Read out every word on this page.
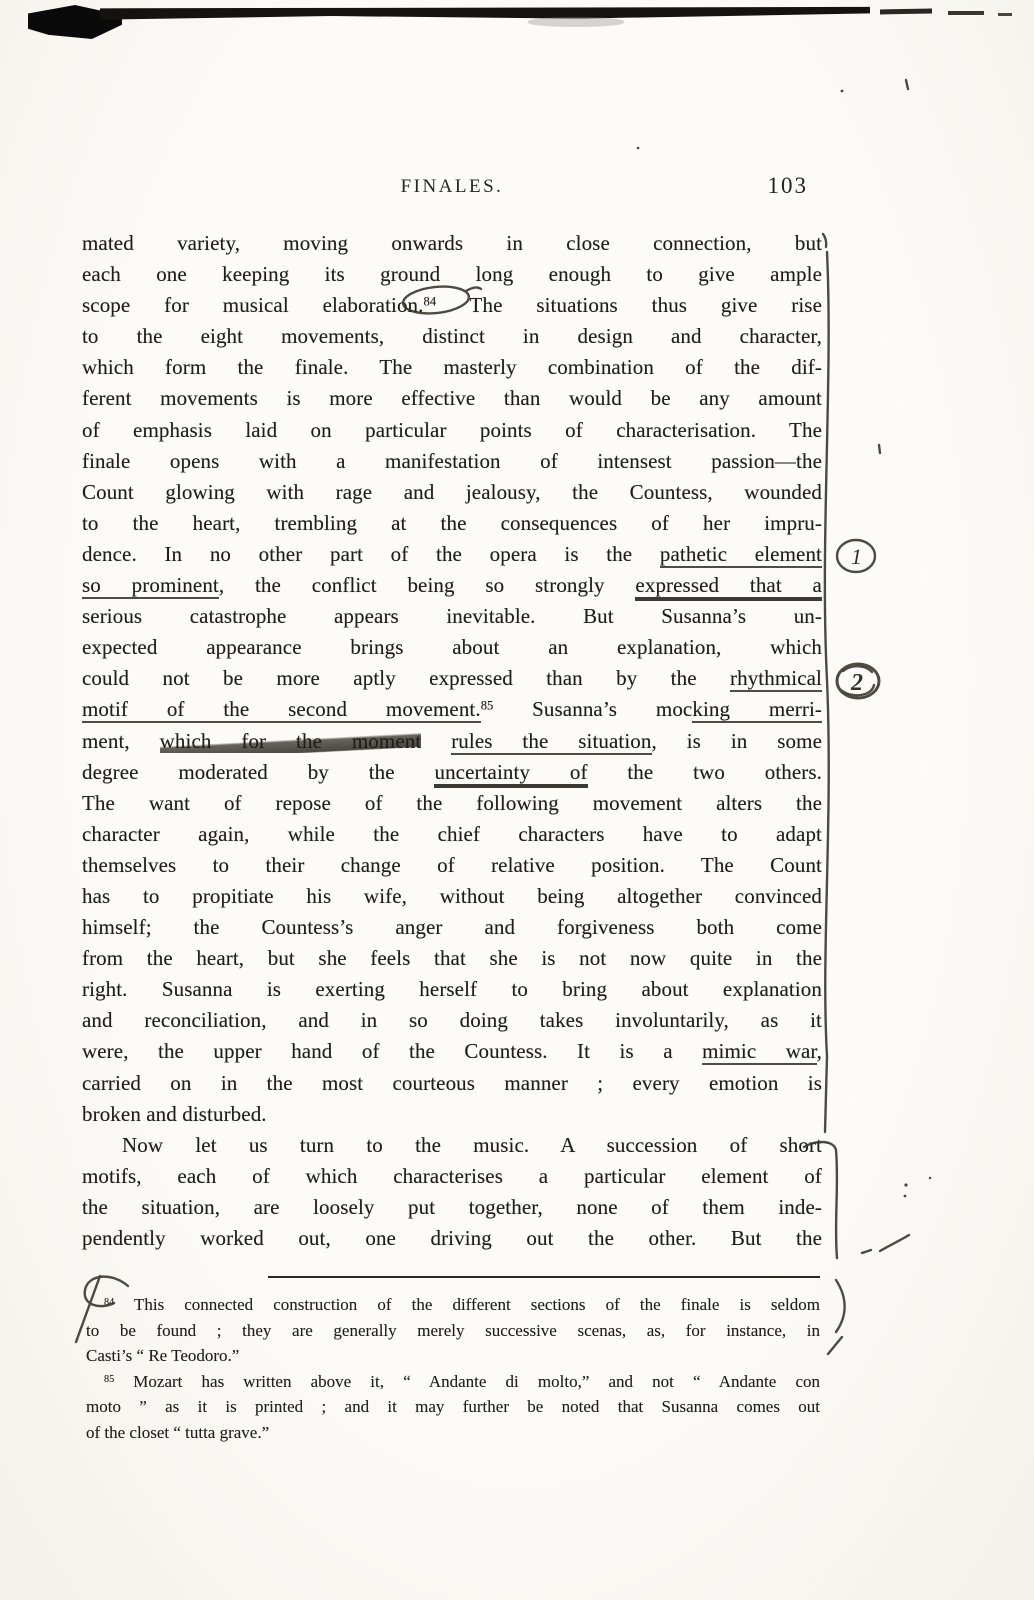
FINALES.	103
mated variety, moving onwards in close connection, but
each one keeping its ground long enough to give ample
scope for musical elaboration.$^{84}$ The situations thus give rise
to the eight movements, distinct in design and character,
which form the finale. The masterly combination of the dif-
ferent movements is more effective than would be any amount
of emphasis laid on particular points of characterisation. The
finale opens with a manifestation of intensest passion—the
Count glowing with rage and jealousy, the Countess, wounded
to the heart, trembling at the consequences of her impru-
dence. In no other part of the opera is the pathetic element
so prominent, the conflict being so strongly expressed that a
serious catastrophe appears inevitable. But Susanna’s un-
expected appearance brings about an explanation, which
could not be more aptly expressed than by the rhythmical
motif of the second movement.$^{85}$ Susanna’s mocking merri-
ment, which for the moment rules the situation, is in some
degree moderated by the uncertainty of the two others.
The want of repose of the following movement alters the
character again, while the chief characters have to adapt
themselves to their change of relative position. The Count
has to propitiate his wife, without being altogether convinced
himself; the Countess’s anger and forgiveness both come
from the heart, but she feels that she is not now quite in the
right. Susanna is exerting herself to bring about explanation
and reconciliation, and in so doing takes involuntarily, as it
were, the upper hand of the Countess. It is a mimic war,
carried on in the most courteous manner ; every emotion is
broken and disturbed.
Now let us turn to the music. A succession of short
motifs, each of which characterises a particular element of
the situation, are loosely put together, none of them inde-
pendently worked out, one driving out the other. But the
$^{84}$ This connected construction of the different sections of the finale is seldom
to be found ; they are generally merely successive scenas, as, for instance, in
Casti’s “ Re Teodoro.”
$^{85}$ Mozart has written above it, “ Andante di molto,” and not “ Andante con
moto ” as it is printed ; and it may further be noted that Susanna comes out
of the closet “ tutta grave.”
1
2
